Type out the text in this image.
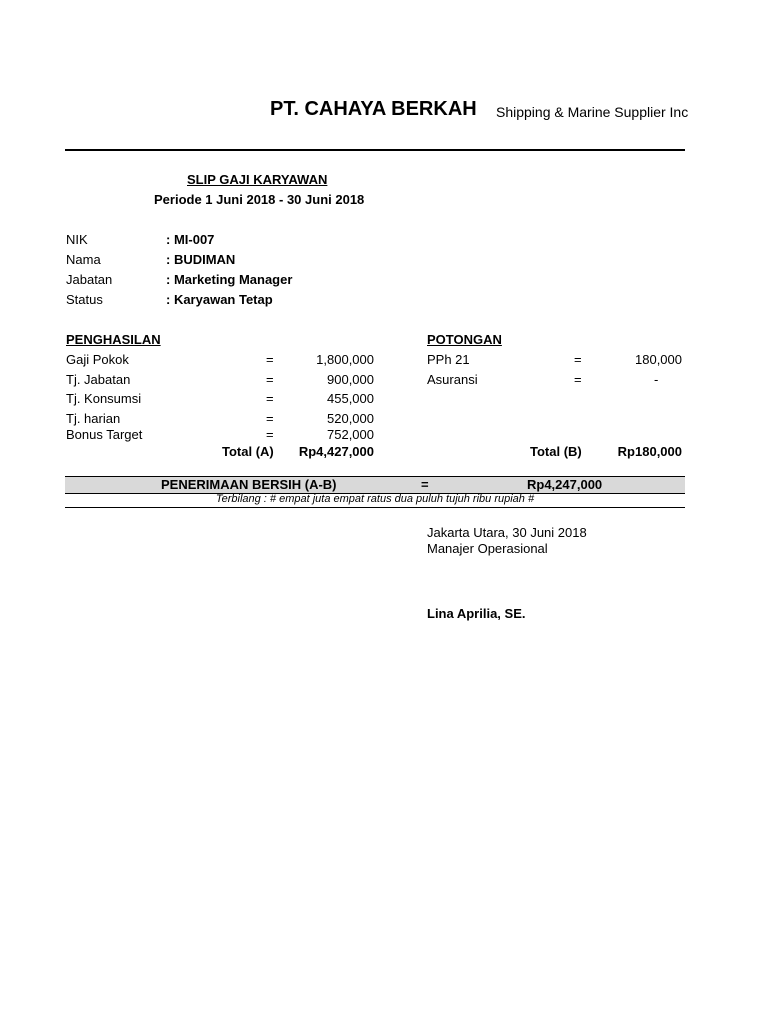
PT. CAHAYA BERKAH Shipping & Marine Supplier Inc
SLIP GAJI KARYAWAN
Periode 1 Juni 2018 - 30 Juni 2018
NIK	: MI-007
Nama	: BUDIMAN
Jabatan	: Marketing Manager
Status	: Karyawan Tetap
PENGHASILAN
Gaji Pokok	=	1,800,000
Tj. Jabatan	=	900,000
Tj. Konsumsi	=	455,000
Tj. harian	=	520,000
Bonus Target	=	752,000
Total (A)	Rp4,427,000
POTONGAN
PPh 21	=	180,000
Asuransi	=	-
Total (B)	Rp180,000
PENERIMAAN BERSIH (A-B)	=	Rp4,247,000
Terbilang : # empat juta empat ratus dua puluh tujuh ribu rupiah #
Jakarta Utara, 30 Juni 2018
Manajer Operasional
Lina Aprilia, SE.
